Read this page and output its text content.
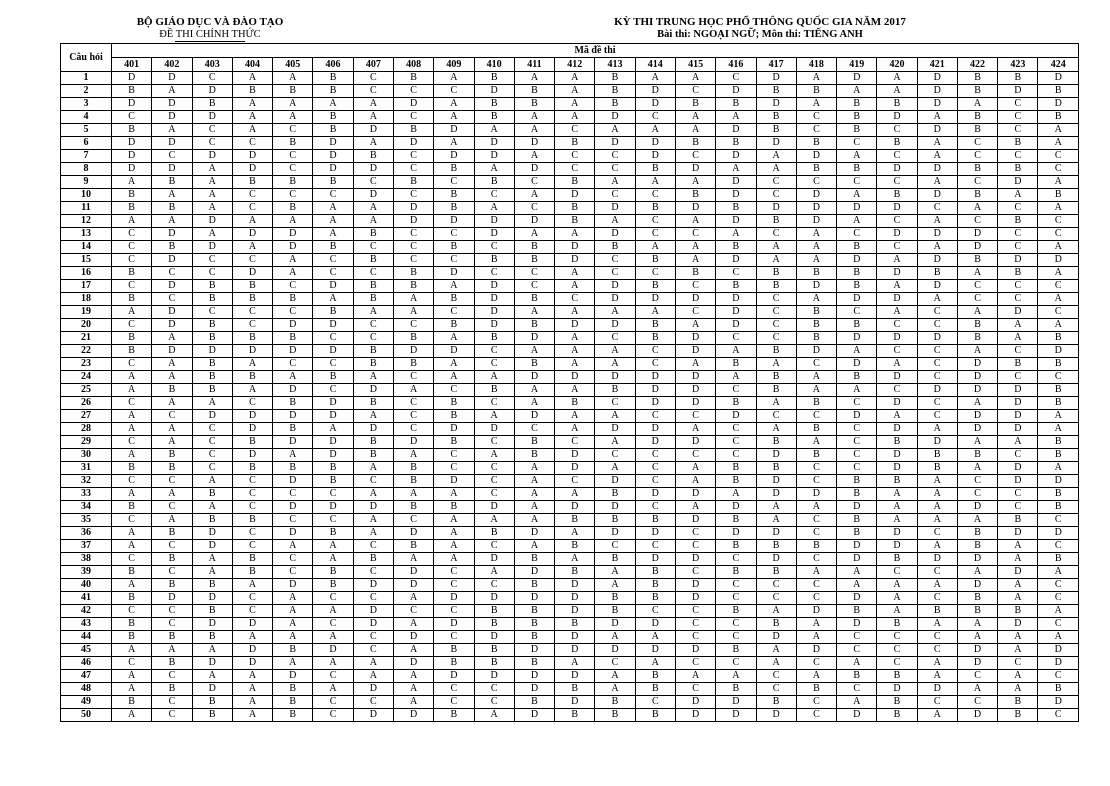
BỘ GIÁO DỤC VÀ ĐÀO TẠO
ĐỀ THI CHÍNH THỨC
KỲ THI TRUNG HỌC PHỔ THÔNG QUỐC GIA NĂM 2017
Bài thi: NGOẠI NGỮ; Môn thi: TIẾNG ANH
Câu hỏi	Mã đề thi																							
	401	402	403	404	405	406	407	408	409	410	411	412	413	414	415	416	417	418	419	420	421	422	423	424
1	D	D	C	A	A	B	C	B	A	B	A	A	B	A	A	C	D	A	D	A	D	B	B	D
2	B	A	D	B	B	B	C	C	C	D	B	A	B	D	C	D	B	B	A	A	D	B	D	B
3	D	D	B	A	A	A	A	D	A	B	B	A	B	D	B	B	D	A	B	B	D	A	C	D
4	C	D	D	A	A	B	A	C	A	B	A	A	D	C	A	A	B	C	B	D	A	B	C	B
5	B	A	C	A	C	B	D	B	D	A	A	C	A	A	A	D	B	C	B	C	D	B	C	A
6	D	D	C	C	B	D	A	D	A	D	D	B	D	D	B	B	D	B	C	B	A	C	B	A
7	D	C	D	D	C	D	B	C	D	D	A	C	C	D	C	D	A	D	A	C	A	C	C	C
8	D	D	A	D	C	D	D	C	B	A	D	C	C	B	D	A	A	B	B	D	D	B	B	C
9	A	B	A	B	B	B	C	B	C	B	C	B	A	A	A	D	C	C	C	C	A	C	D	A
10	B	A	A	C	C	C	D	C	B	C	A	D	C	C	B	D	C	D	A	B	D	B	A	B
11	B	B	A	C	B	A	A	D	B	A	C	B	D	B	D	B	D	D	D	D	C	A	C	A
12	A	A	D	A	A	A	A	D	D	D	D	B	A	C	A	D	B	D	A	C	A	C	B	C
13	C	D	A	D	D	A	B	C	C	D	A	A	D	C	C	A	C	A	C	D	D	D	C	C
14	C	B	D	A	D	B	C	C	B	C	B	D	B	A	A	B	A	A	B	C	A	D	C	A
15	C	D	C	C	A	C	B	C	C	B	B	D	C	B	A	D	A	A	D	A	D	B	D	D
16	B	C	C	D	A	C	C	B	D	C	C	A	C	C	B	C	B	B	B	D	B	A	B	A
17	C	D	B	B	C	D	B	B	A	D	C	A	D	B	C	B	B	D	B	A	D	C	C	C
18	B	C	B	B	B	A	B	A	B	D	B	C	D	D	D	D	C	A	D	D	A	C	C	A
19	A	D	C	C	C	B	A	A	C	D	A	A	A	A	C	D	C	B	C	A	C	A	D	C
20	C	D	B	C	D	D	C	C	B	D	B	D	D	B	A	D	C	B	B	C	C	B	A	A
21	B	A	B	B	B	C	C	B	A	B	D	A	C	B	D	C	C	B	D	D	D	B	A	B
22	B	D	D	D	D	D	B	D	D	C	A	A	A	C	D	A	B	D	A	C	C	A	C	D
23	C	A	B	A	C	C	B	B	A	C	B	A	A	C	A	B	A	C	D	A	C	D	B	B
24	A	A	B	B	A	B	A	C	A	A	D	D	D	D	D	A	B	A	B	D	C	D	C	C
25	A	B	B	A	D	C	D	A	C	B	A	A	B	D	D	C	B	A	A	C	D	D	D	B
26	C	A	A	C	B	D	B	C	B	C	A	B	C	D	D	B	A	B	C	D	C	A	D	B
27	A	C	D	D	D	D	A	C	B	A	D	A	A	C	C	D	C	C	D	A	C	D	D	A
28	A	A	C	D	B	A	D	C	D	D	C	A	D	D	A	C	A	B	C	D	A	D	D	A
29	C	A	C	B	D	D	B	D	B	C	B	C	A	D	D	C	B	A	C	B	D	A	A	B
30	A	B	C	D	A	D	B	A	C	A	B	D	C	C	C	C	D	B	C	D	B	B	C	B
31	B	B	C	B	B	B	A	B	C	C	A	D	A	C	A	B	B	C	C	D	B	A	D	A
32	C	C	A	C	D	B	C	B	D	C	A	C	D	C	A	B	D	C	B	B	A	C	D	D
33	A	A	B	C	C	C	A	A	A	C	A	A	B	D	D	A	D	D	B	A	A	C	C	B
34	B	C	A	C	D	D	D	B	B	D	A	D	D	C	A	D	A	A	D	A	A	D	C	B
35	C	A	B	B	C	C	A	C	A	A	A	B	B	B	D	B	A	C	B	A	A	A	B	C
36	A	B	D	C	D	B	A	D	A	B	D	A	D	D	C	D	D	C	B	D	C	B	D	D
37	A	C	D	C	A	A	C	B	A	C	A	B	C	C	C	B	B	B	D	D	A	B	A	C
38	C	B	A	B	C	A	B	A	A	D	B	A	B	D	D	C	D	C	D	B	D	D	A	B
39	B	C	A	B	C	B	C	D	C	A	D	B	A	B	C	B	B	A	A	C	C	A	D	A
40	A	B	B	A	D	B	D	D	C	C	B	D	A	B	D	C	C	C	A	A	A	D	A	C
41	B	D	D	C	A	C	C	A	D	D	D	D	B	B	D	C	C	C	D	A	C	B	A	C
42	C	C	B	C	A	A	D	C	C	B	B	D	B	C	C	B	A	D	B	A	B	B	B	A
43	B	C	D	D	A	C	D	A	D	B	B	B	D	D	C	C	B	A	D	B	A	A	D	C
44	B	B	B	A	A	A	C	D	C	D	B	D	A	A	C	C	D	A	C	C	C	A	A	A
45	A	A	A	D	B	D	C	A	B	B	D	D	D	D	D	B	A	D	C	C	C	D	A	D
46	C	B	D	D	A	A	A	D	B	B	B	A	C	A	C	C	A	C	A	C	A	D	C	D
47	A	C	A	A	D	C	A	A	D	D	D	D	A	B	A	A	C	A	B	B	A	C	A	C
48	A	B	D	A	B	A	D	A	C	C	D	B	A	B	C	B	C	B	C	D	D	A	A	B
49	B	C	B	A	B	C	C	A	C	C	B	D	B	C	D	D	B	C	A	B	C	C	B	D
50	A	C	B	A	B	C	D	D	B	A	D	B	B	B	D	D	D	C	D	B	A	D	B	C
